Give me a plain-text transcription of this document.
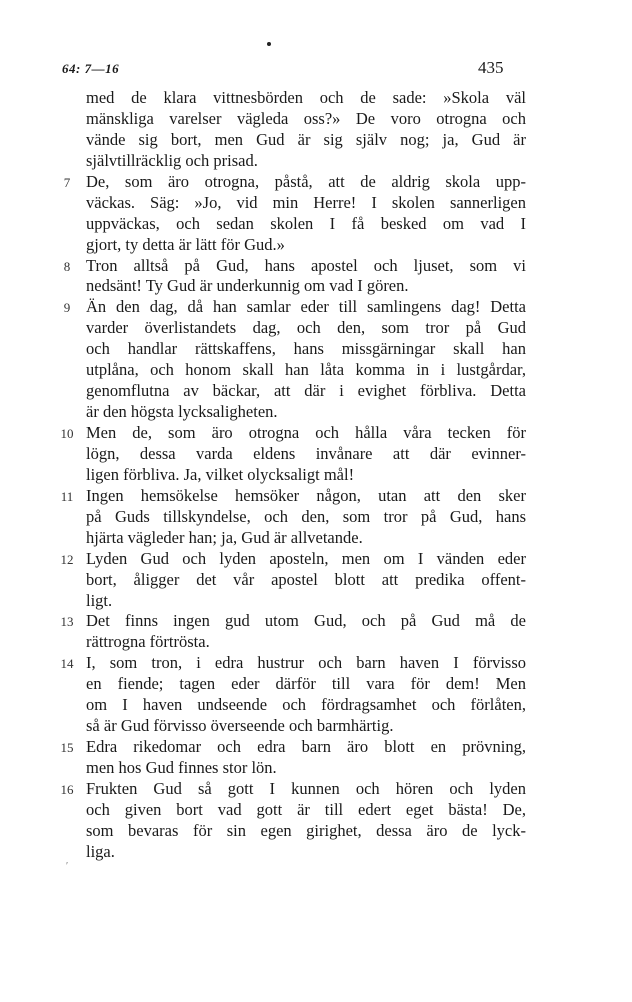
64: 7—16	435
med de klara vittnesbörden och de sade: »Skola väl
mänskliga varelser vägleda oss?» De voro otrogna och
vände sig bort, men Gud är sig själv nog; ja, Gud är
självtillräcklig och prisad.
7 De, som äro otrogna, påstå, att de aldrig skola upp-
väckas. Säg: »Jo, vid min Herre! I skolen sannerligen
uppväckas, och sedan skolen I få besked om vad I
gjort, ty detta är lätt för Gud.»
8 Tron alltså på Gud, hans apostel och ljuset, som vi
nedsänt! Ty Gud är underkunnig om vad I gören.
9 Än den dag, då han samlar eder till samlingens dag! Detta
varder överlistandets dag, och den, som tror på Gud
och handlar rättskaffens, hans missgärningar skall han
utplåna, och honom skall han låta komma in i lustgårdar,
genomflutna av bäckar, att där i evighet förbliva. Detta
är den högsta lycksaligheten.
10 Men de, som äro otrogna och hålla våra tecken för
lögn, dessa varda eldens invånare att där evinner-
ligen förbliva. Ja, vilket olycksaligt mål!
11 Ingen hemsökelse hemsöker någon, utan att den sker
på Guds tillskyndelse, och den, som tror på Gud, hans
hjärta vägleder han; ja, Gud är allvetande.
12 Lyden Gud och lyden aposteln, men om I vänden eder
bort, åligger det vår apostel blott att predika offent-
ligt.
13 Det finns ingen gud utom Gud, och på Gud må de
rättrogna förtrösta.
14 I, som tron, i edra hustrur och barn haven I förvisso
en fiende; tagen eder därför till vara för dem! Men
om I haven undseende och fördragsamhet och förlåten,
så är Gud förvisso överseende och barmhärtig.
15 Edra rikedomar och edra barn äro blott en prövning,
men hos Gud finnes stor lön.
16 Frukten Gud så gott I kunnen och hören och lyden
och given bort vad gott är till edert eget bästa! De,
som bevaras för sin egen girighet, dessa äro de lyck-
liga.
′
